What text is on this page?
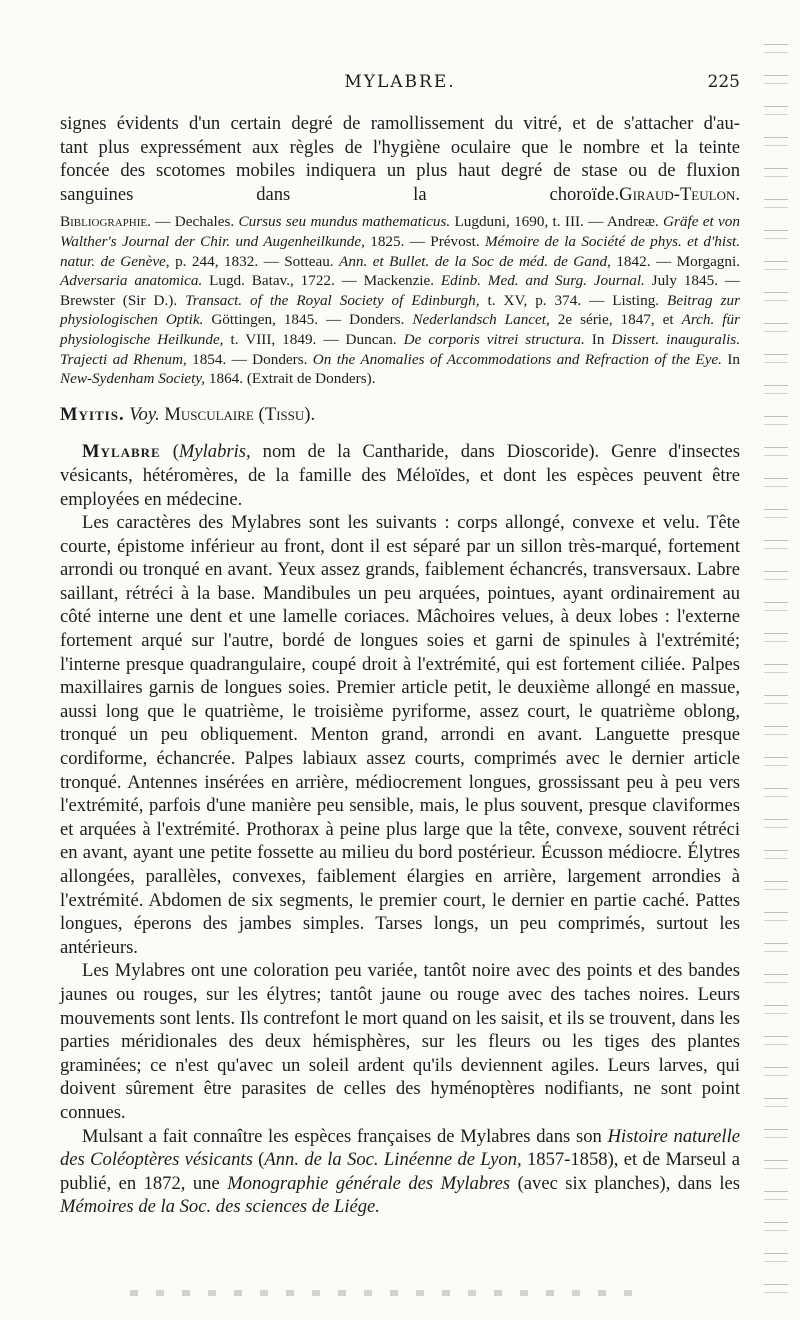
MYLABRE.	225

signes évidents d'un certain degré de ramollissement du vitré, et de s'attacher d'au-

tant plus expressément aux règles de l'hygiène oculaire que le nombre et la teinte

foncée des scotomes mobiles indiquera un plus haut degré de stase ou de fluxion

sanguines dans la choroïde.Giraud-Teulon.

Bibliographie. — Dechales. Cursus seu mundus mathematicus. Lugduni, 1690, t. III. — Andreæ. Gräfe et von Walther's Journal der Chir. und Augenheilkunde, 1825. — Prévost. Mémoire de la Société de phys. et d'hist. natur. de Genève, p. 244, 1832. — Sotteau. Ann. et Bullet. de la Soc de méd. de Gand, 1842. — Morgagni. Adversaria anatomica. Lugd. Batav., 1722. — Mackenzie. Edinb. Med. and Surg. Journal. July 1845. — Brewster (Sir D.). Transact. of the Royal Society of Edinburgh, t. XV, p. 374. — Listing. Beitrag zur physiologischen Optik. Göttingen, 1845. — Donders. Nederlandsch Lancet, 2e série, 1847, et Arch. für physiologische Heilkunde, t. VIII, 1849. — Duncan. De corporis vitrei structura. In Dissert. inauguralis. Trajecti ad Rhenum, 1854. — Donders. On the Anomalies of Accommodations and Refraction of the Eye. In New-Sydenham Society, 1864. (Extrait de Donders).

Myitis. Voy. Musculaire (Tissu).

Mylabre (Mylabris, nom de la Cantharide, dans Dioscoride). Genre d'insectes vésicants, hétéromères, de la famille des Méloïdes, et dont les espèces peuvent être employées en médecine.

Les caractères des Mylabres sont les suivants : corps allongé, convexe et velu. Tête courte, épistome inférieur au front, dont il est séparé par un sillon très-marqué, fortement arrondi ou tronqué en avant. Yeux assez grands, faiblement échancrés, transversaux. Labre saillant, rétréci à la base. Mandibules un peu arquées, pointues, ayant ordinairement au côté interne une dent et une lamelle coriaces. Mâchoires velues, à deux lobes : l'externe fortement arqué sur l'autre, bordé de longues soies et garni de spinules à l'extrémité; l'interne presque quadrangulaire, coupé droit à l'extrémité, qui est fortement ciliée. Palpes maxillaires garnis de longues soies. Premier article petit, le deuxième allongé en massue, aussi long que le quatrième, le troisième pyriforme, assez court, le quatrième oblong, tronqué un peu obliquement. Menton grand, arrondi en avant. Languette presque cordiforme, échancrée. Palpes labiaux assez courts, comprimés avec le dernier article tronqué. Antennes insérées en arrière, médiocrement longues, grossissant peu à peu vers l'extrémité, parfois d'une manière peu sensible, mais, le plus souvent, presque claviformes et arquées à l'extrémité. Prothorax à peine plus large que la tête, convexe, souvent rétréci en avant, ayant une petite fossette au milieu du bord postérieur. Écusson médiocre. Élytres allongées, parallèles, convexes, faiblement élargies en arrière, largement arrondies à l'extrémité. Abdomen de six segments, le premier court, le dernier en partie caché. Pattes longues, éperons des jambes simples. Tarses longs, un peu comprimés, surtout les antérieurs.

Les Mylabres ont une coloration peu variée, tantôt noire avec des points et des bandes jaunes ou rouges, sur les élytres; tantôt jaune ou rouge avec des taches noires. Leurs mouvements sont lents. Ils contrefont le mort quand on les saisit, et ils se trouvent, dans les parties méridionales des deux hémisphères, sur les fleurs ou les tiges des plantes graminées; ce n'est qu'avec un soleil ardent qu'ils deviennent agiles. Leurs larves, qui doivent sûrement être parasites de celles des hyménoptères nodifiants, ne sont point connues.

Mulsant a fait connaître les espèces françaises de Mylabres dans son Histoire naturelle des Coléoptères vésicants (Ann. de la Soc. Linéenne de Lyon, 1857-1858), et de Marseul a publié, en 1872, une Monographie générale des Mylabres (avec six planches), dans les Mémoires de la Soc. des sciences de Liége.
